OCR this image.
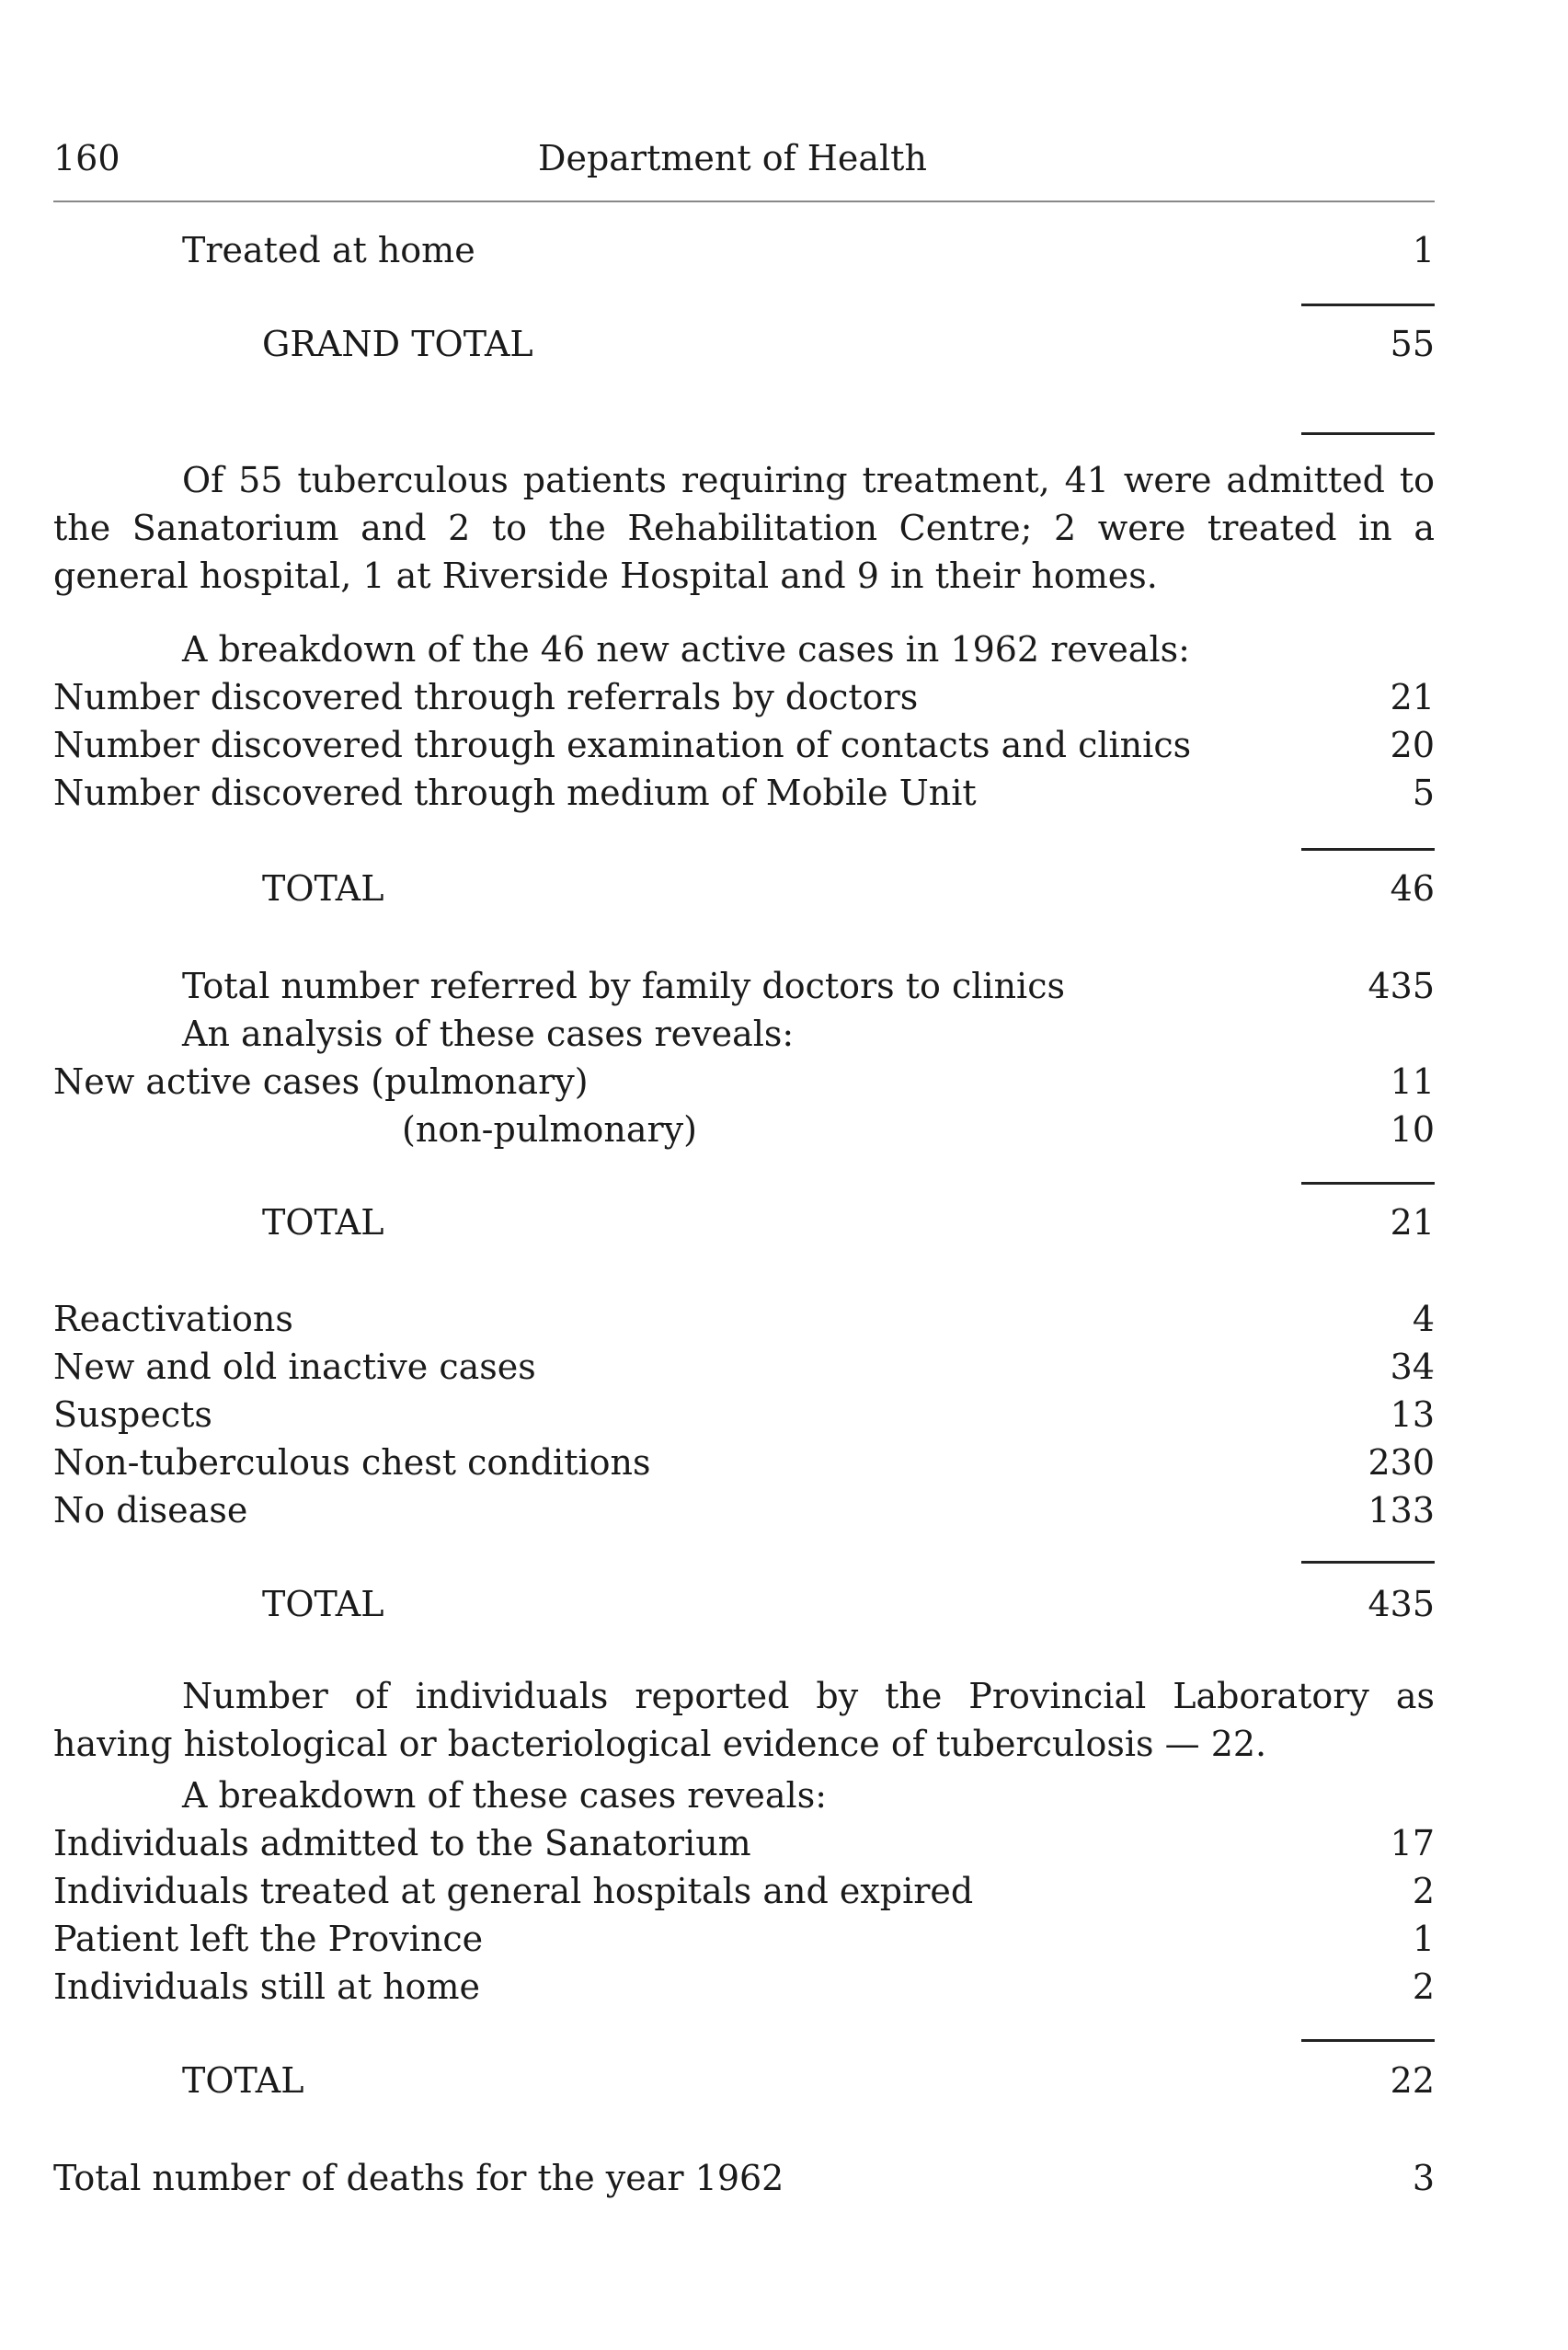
160	Department of Health
Treated at home	1
GRAND TOTAL	55
Of 55 tuberculous patients requiring treatment, 41 were admitted to the Sanatorium and 2 to the Rehabilitation Centre; 2 were treated in a general hospital, 1 at Riverside Hospital and 9 in their homes.
A breakdown of the 46 new active cases in 1962 reveals:
Number discovered through referrals by doctors	21
Number discovered through examination of contacts and clinics	20
Number discovered through medium of Mobile Unit	5
TOTAL	46
Total number referred by family doctors to clinics	435
An analysis of these cases reveals:
New active cases (pulmonary)	11
(non-pulmonary)	10
TOTAL	21
Reactivations	4
New and old inactive cases	34
Suspects	13
Non-tuberculous chest conditions	230
No disease	133
TOTAL	435
Number of individuals reported by the Provincial Laboratory as having histological or bacteriological evidence of tuberculosis — 22.
A breakdown of these cases reveals:
Individuals admitted to the Sanatorium	17
Individuals treated at general hospitals and expired	2
Patient left the Province	1
Individuals still at home	2
TOTAL	22
Total number of deaths for the year 1962	3
